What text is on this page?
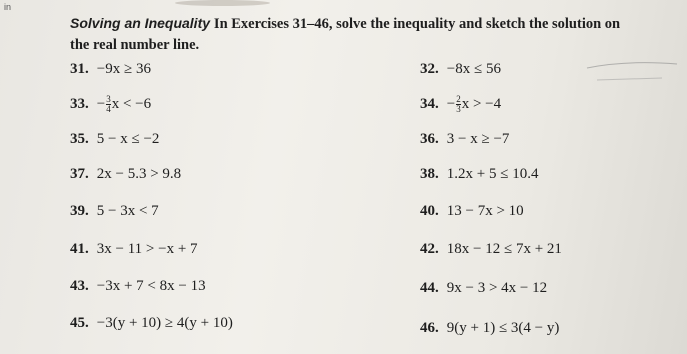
in
Solving an Inequality In Exercises 31–46, solve the inequality and sketch the solution on
the real number line.
31. −9x ≥ 36	32. −8x ≤ 56
33. − $\frac{3}{4}$ x < −6	34. − $\frac{2}{3}$ x > −4
35. 5 − x ≤ −2	36. 3 − x ≥ −7
37. 2x − 5.3 > 9.8	38. 1.2x + 5 ≤ 10.4
39. 5 − 3x < 7	40. 13 − 7x > 10
41. 3x − 11 > −x + 7	42. 18x − 12 ≤ 7x + 21
43. −3x + 7 < 8x − 13	44. 9x − 3 > 4x − 12
45. −3(y + 10) ≥ 4(y + 10)	46. 9(y + 1) ≤ 3(4 − y)
